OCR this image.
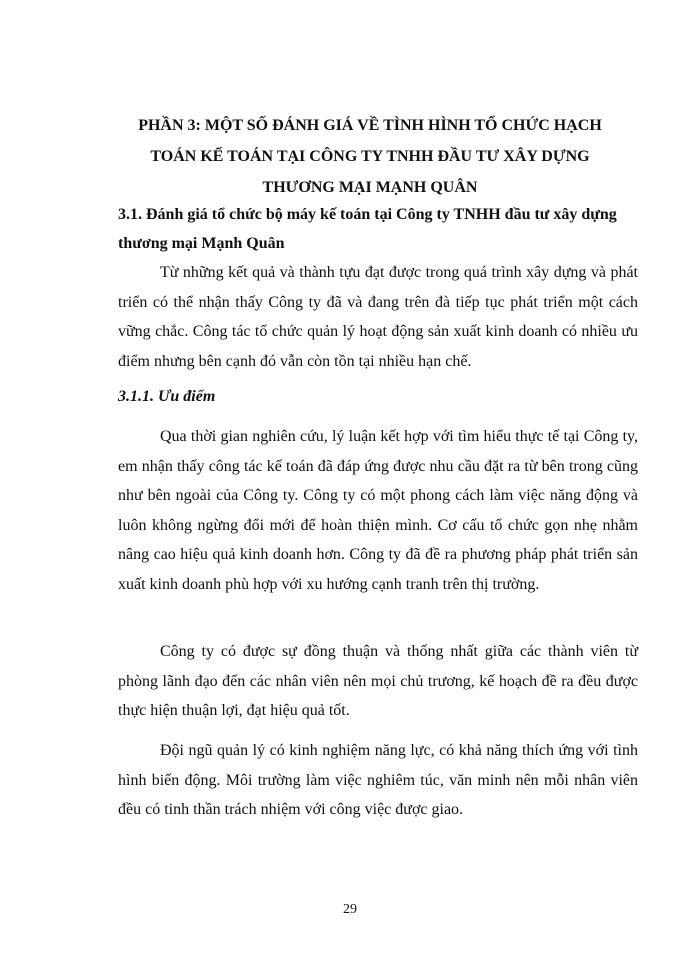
PHẦN 3: MỘT SỐ ĐÁNH GIÁ VỀ TÌNH HÌNH TỔ CHỨC HẠCH
TOÁN KẾ TOÁN TẠI CÔNG TY TNHH ĐẦU TƯ XÂY DỰNG
THƯƠNG MẠI MẠNH QUÂN
3.1. Đánh giá tổ chức bộ máy kế toán tại Công ty TNHH đầu tư xây dựng thương mại Mạnh Quân

Từ những kết quả và thành tựu đạt được trong quá trình xây dựng và phát triển có thể nhận thấy Công ty đã và đang trên đà tiếp tục phát triển một cách vững chắc. Công tác tổ chức quản lý hoạt động sản xuất kinh doanh có nhiều ưu điểm nhưng bên cạnh đó vẫn còn tồn tại nhiều hạn chế.

3.1.1. Ưu điểm

Qua thời gian nghiên cứu, lý luận kết hợp với tìm hiểu thực tế tại Công ty, em nhận thấy công tác kế toán đã đáp ứng được nhu cầu đặt ra từ bên trong cũng như bên ngoài của Công ty. Công ty có một phong cách làm việc năng động và luôn không ngừng đổi mới để hoàn thiện mình. Cơ cấu tổ chức gọn nhẹ nhằm nâng cao hiệu quả kinh doanh hơn. Công ty đã đề ra phương pháp phát triển sản xuất kinh doanh phù hợp với xu hướng cạnh tranh trên thị trường.

Công ty có được sự đồng thuận và thống nhất giữa các thành viên từ phòng lãnh đạo đến các nhân viên nên mọi chủ trương, kế hoạch đề ra đều được thực hiện thuận lợi, đạt hiệu quả tốt.

Đội ngũ quản lý có kinh nghiệm năng lực, có khả năng thích ứng với tình hình biến động. Môi trường làm việc nghiêm túc, văn minh nên mỗi nhân viên đều có tinh thần trách nhiệm với công việc được giao.

29
